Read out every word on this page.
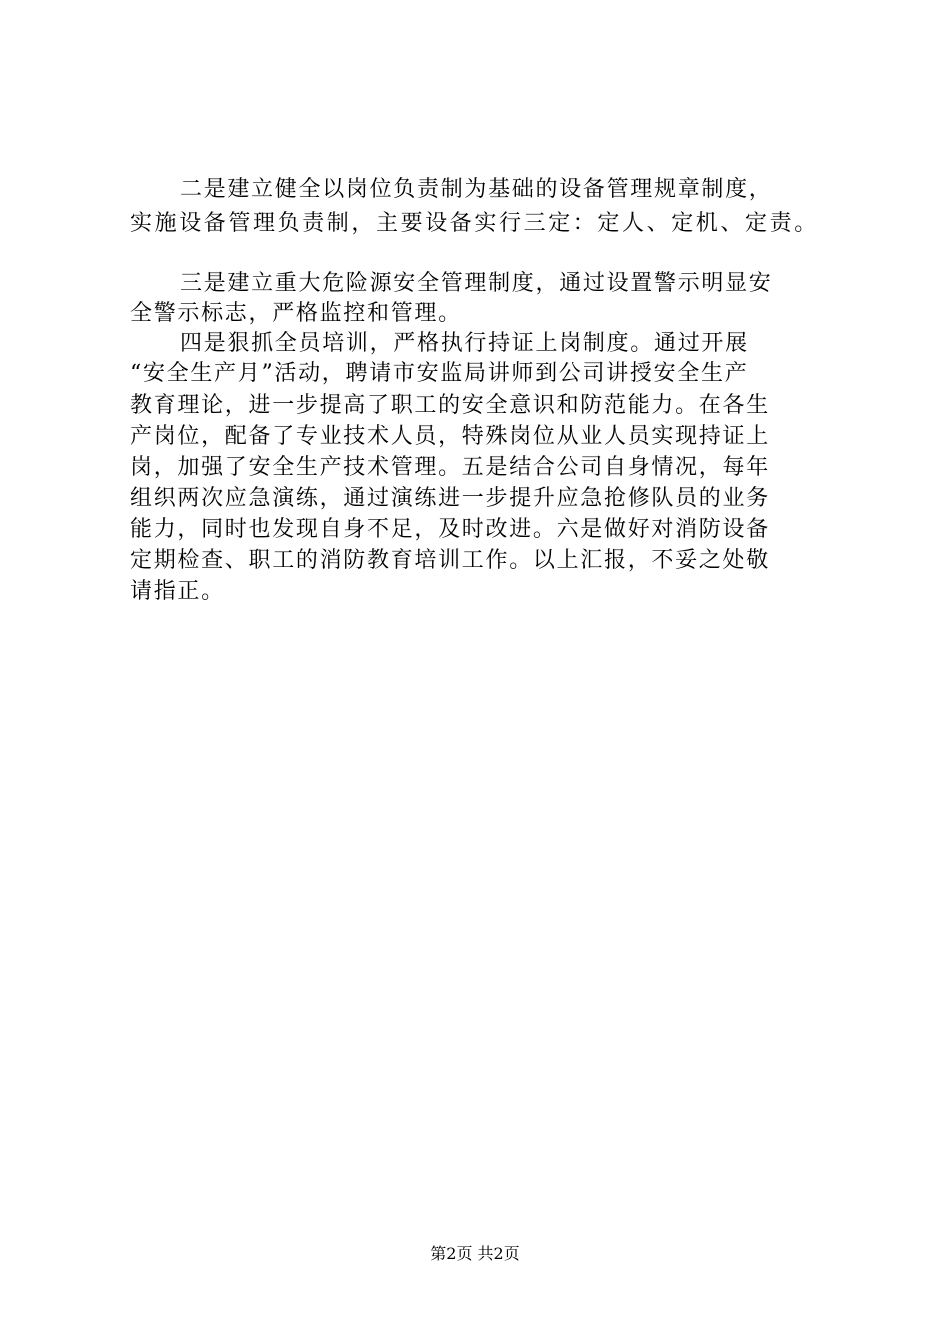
二是建立健全以岗位负责制为基础的设备管理规章制度，
实施设备管理负责制，主要设备实行三定：定人、定机、定责。
三是建立重大危险源安全管理制度，通过设置警示明显安
全警示标志，严格监控和管理。
四是狠抓全员培训，严格执行持证上岗制度。通过开展
“安全生产月”活动，聘请市安监局讲师到公司讲授安全生产
教育理论，进一步提高了职工的安全意识和防范能力。在各生
产岗位，配备了专业技术人员，特殊岗位从业人员实现持证上
岗，加强了安全生产技术管理。五是结合公司自身情况，每年
组织两次应急演练，通过演练进一步提升应急抢修队员的业务
能力，同时也发现自身不足，及时改进。六是做好对消防设备
定期检查、职工的消防教育培训工作。以上汇报，不妥之处敬
请指正。
第2页 共2页
